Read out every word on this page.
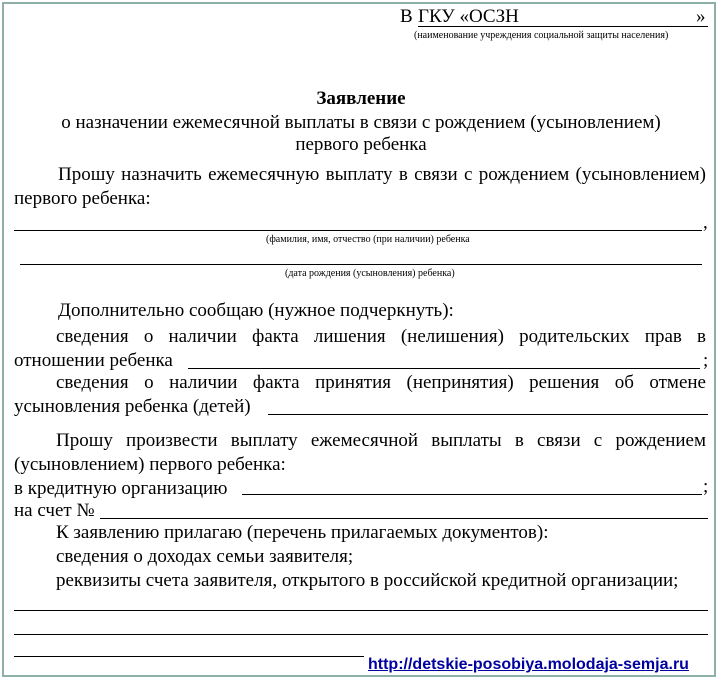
В ГКУ «ОСЗН	»
(наименование учреждения социальной защиты населения)
Заявление
о назначении ежемесячной выплаты в связи с рождением (усыновлением)
первого ребенка
Прошу назначить ежемесячную выплату в связи с рождением (усыновлением)
первого ребенка:
,
(фамилия, имя, отчество (при наличии) ребенка
(дата рождения (усыновления) ребенка)
Дополнительно сообщаю (нужное подчеркнуть):
сведения о наличии факта лишения (нелишения) родительских прав в
отношении ребенка	;
сведения о наличии факта принятия (непринятия) решения об отмене
усыновления ребенка (детей)
Прошу произвести выплату ежемесячной выплаты в связи с рождением
(усыновлением) первого ребенка:
в кредитную организацию	;
на счет №
К заявлению прилагаю (перечень прилагаемых документов):
сведения о доходах семьи заявителя;
реквизиты счета заявителя, открытого в российской кредитной организации;
http://detskie-posobiya.molodaja-semja.ru
